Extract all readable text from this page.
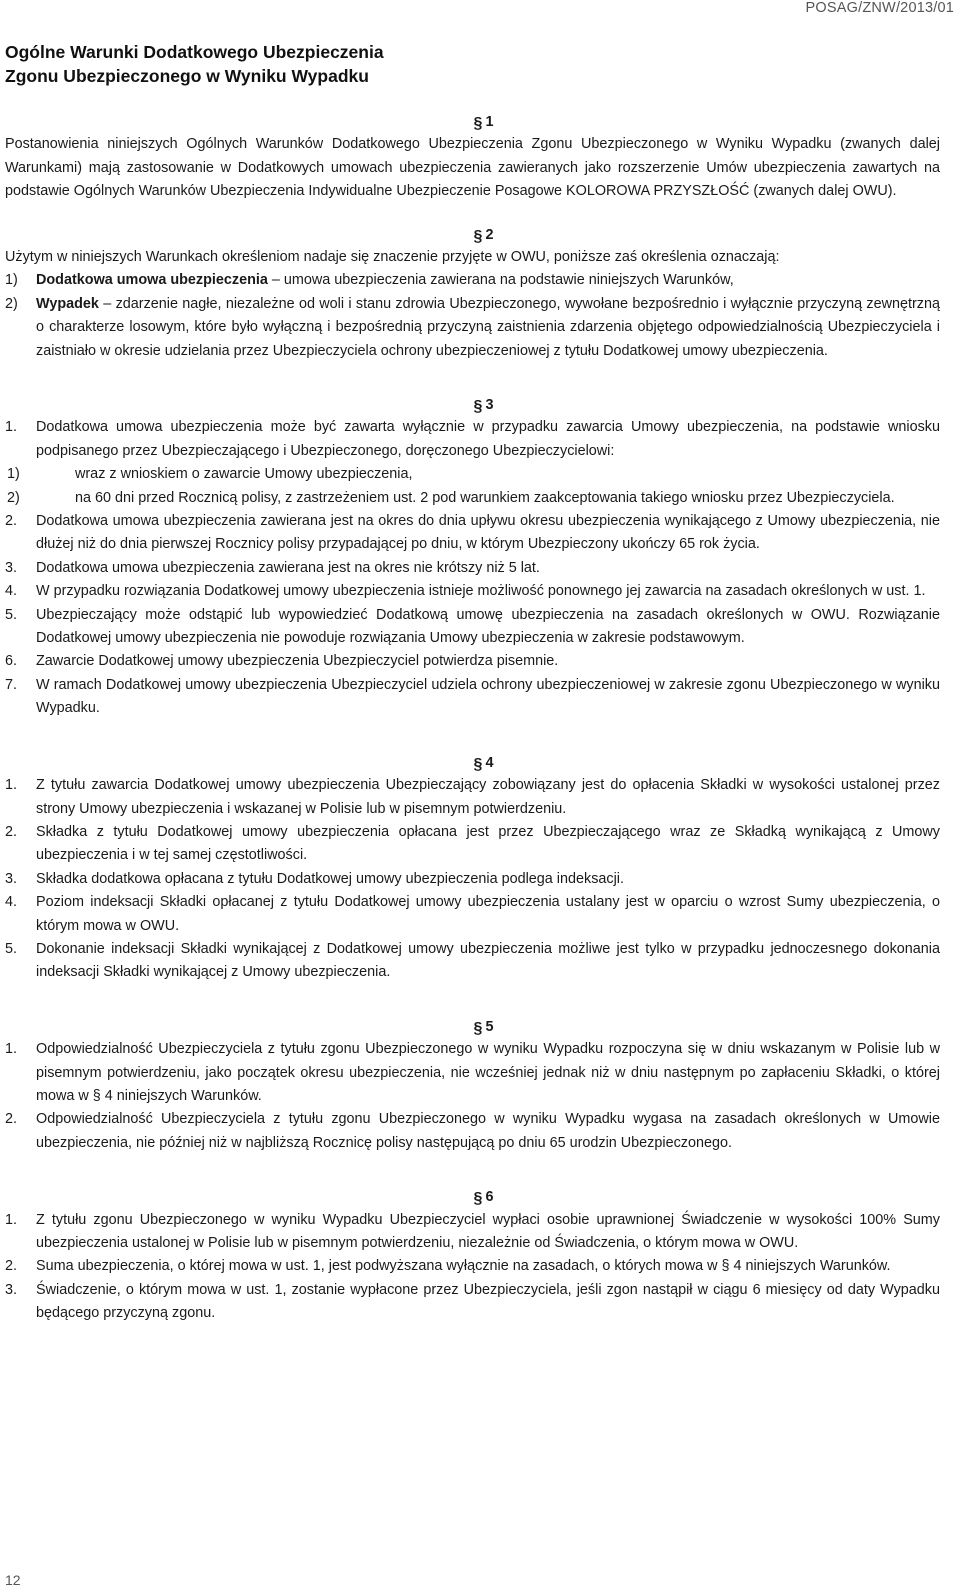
POSAG/ZNW/2013/01
Ogólne Warunki Dodatkowego Ubezpieczenia
Zgonu Ubezpieczonego w Wyniku Wypadku
§ 1

Postanowienia niniejszych Ogólnych Warunków Dodatkowego Ubezpieczenia Zgonu Ubezpieczonego w Wyniku Wypadku (zwanych dalej Warunkami) mają zastosowanie w Dodatkowych umowach ubezpieczenia zawieranych jako rozszerzenie Umów ubezpieczenia zawartych na podstawie Ogólnych Warunków Ubezpieczenia Indywidualne Ubezpieczenie Posagowe KOLOROWA PRZYSZŁOŚĆ (zwanych dalej OWU).

§ 2

Użytym w niniejszych Warunkach określeniom nadaje się znaczenie przyjęte w OWU, poniższe zaś określenia oznaczają:

1)	Dodatkowa umowa ubezpieczenia – umowa ubezpieczenia zawierana na podstawie niniejszych Warunków,
2)	Wypadek – zdarzenie nagłe, niezależne od woli i stanu zdrowia Ubezpieczonego, wywołane bezpośrednio i wyłącznie przyczyną zewnętrzną o charakterze losowym, które było wyłączną i bezpośrednią przyczyną zaistnienia zdarzenia objętego odpowiedzialnością Ubezpieczyciela i zaistniało w okresie udzielania przez Ubezpieczyciela ochrony ubezpieczeniowej z tytułu Dodatkowej umowy ubezpieczenia.
§ 3
1.	Dodatkowa umowa ubezpieczenia może być zawarta wyłącznie w przypadku zawarcia Umowy ubezpieczenia, na podstawie wniosku podpisanego przez Ubezpieczającego i Ubezpieczonego, doręczonego Ubezpieczycielowi:
1)	wraz z wnioskiem o zawarcie Umowy ubezpieczenia,
2)	na 60 dni przed Rocznicą polisy, z zastrzeżeniem ust. 2 pod warunkiem zaakceptowania takiego wniosku przez Ubezpieczyciela.
2.	Dodatkowa umowa ubezpieczenia zawierana jest na okres do dnia upływu okresu ubezpieczenia wynikającego z Umowy ubezpieczenia, nie dłużej niż do dnia pierwszej Rocznicy polisy przypadającej po dniu, w którym Ubezpieczony ukończy 65 rok życia.
3.	Dodatkowa umowa ubezpieczenia zawierana jest na okres nie krótszy niż 5 lat.
4.	W przypadku rozwiązania Dodatkowej umowy ubezpieczenia istnieje możliwość ponownego jej zawarcia na zasadach określonych w ust. 1.
5.	Ubezpieczający może odstąpić lub wypowiedzieć Dodatkową umowę ubezpieczenia na zasadach określonych w OWU. Rozwiązanie Dodatkowej umowy ubezpieczenia nie powoduje rozwiązania Umowy ubezpieczenia w zakresie podstawowym.
6.	Zawarcie Dodatkowej umowy ubezpieczenia Ubezpieczyciel potwierdza pisemnie.
7.	W ramach Dodatkowej umowy ubezpieczenia Ubezpieczyciel udziela ochrony ubezpieczeniowej w zakresie zgonu Ubezpieczonego w wyniku Wypadku.
§ 4
1.	Z tytułu zawarcia Dodatkowej umowy ubezpieczenia Ubezpieczający zobowiązany jest do opłacenia Składki w wysokości ustalonej przez strony Umowy ubezpieczenia i wskazanej w Polisie lub w pisemnym potwierdzeniu.
2.	Składka z tytułu Dodatkowej umowy ubezpieczenia opłacana jest przez Ubezpieczającego wraz ze Składką wynikającą z Umowy ubezpieczenia i w tej samej częstotliwości.
3.	Składka dodatkowa opłacana z tytułu Dodatkowej umowy ubezpieczenia podlega indeksacji.
4.	Poziom indeksacji Składki opłacanej z tytułu Dodatkowej umowy ubezpieczenia ustalany jest w oparciu o wzrost Sumy ubezpieczenia, o którym mowa w OWU.
5.	Dokonanie indeksacji Składki wynikającej z Dodatkowej umowy ubezpieczenia możliwe jest tylko w przypadku jednoczesnego dokonania indeksacji Składki wynikającej z Umowy ubezpieczenia.
§ 5
1.	Odpowiedzialność Ubezpieczyciela z tytułu zgonu Ubezpieczonego w wyniku Wypadku rozpoczyna się w dniu wskazanym w Polisie lub w pisemnym potwierdzeniu, jako początek okresu ubezpieczenia, nie wcześniej jednak niż w dniu następnym po zapłaceniu Składki, o której mowa w § 4 niniejszych Warunków.
2.	Odpowiedzialność Ubezpieczyciela z tytułu zgonu Ubezpieczonego w wyniku Wypadku wygasa na zasadach określonych w Umowie ubezpieczenia, nie później niż w najbliższą Rocznicę polisy następującą po dniu 65 urodzin Ubezpieczonego.
§ 6
1.	Z tytułu zgonu Ubezpieczonego w wyniku Wypadku Ubezpieczyciel wypłaci osobie uprawnionej Świadczenie w wysokości 100% Sumy ubezpieczenia ustalonej w Polisie lub w pisemnym potwierdzeniu, niezależnie od Świadczenia, o którym mowa w OWU.
2.	Suma ubezpieczenia, o której mowa w ust. 1, jest podwyższana wyłącznie na zasadach, o których mowa w § 4 niniejszych Warunków.
3.	Świadczenie, o którym mowa w ust. 1, zostanie wypłacone przez Ubezpieczyciela, jeśli zgon nastąpił w ciągu 6 miesięcy od daty Wypadku będącego przyczyną zgonu.
12
